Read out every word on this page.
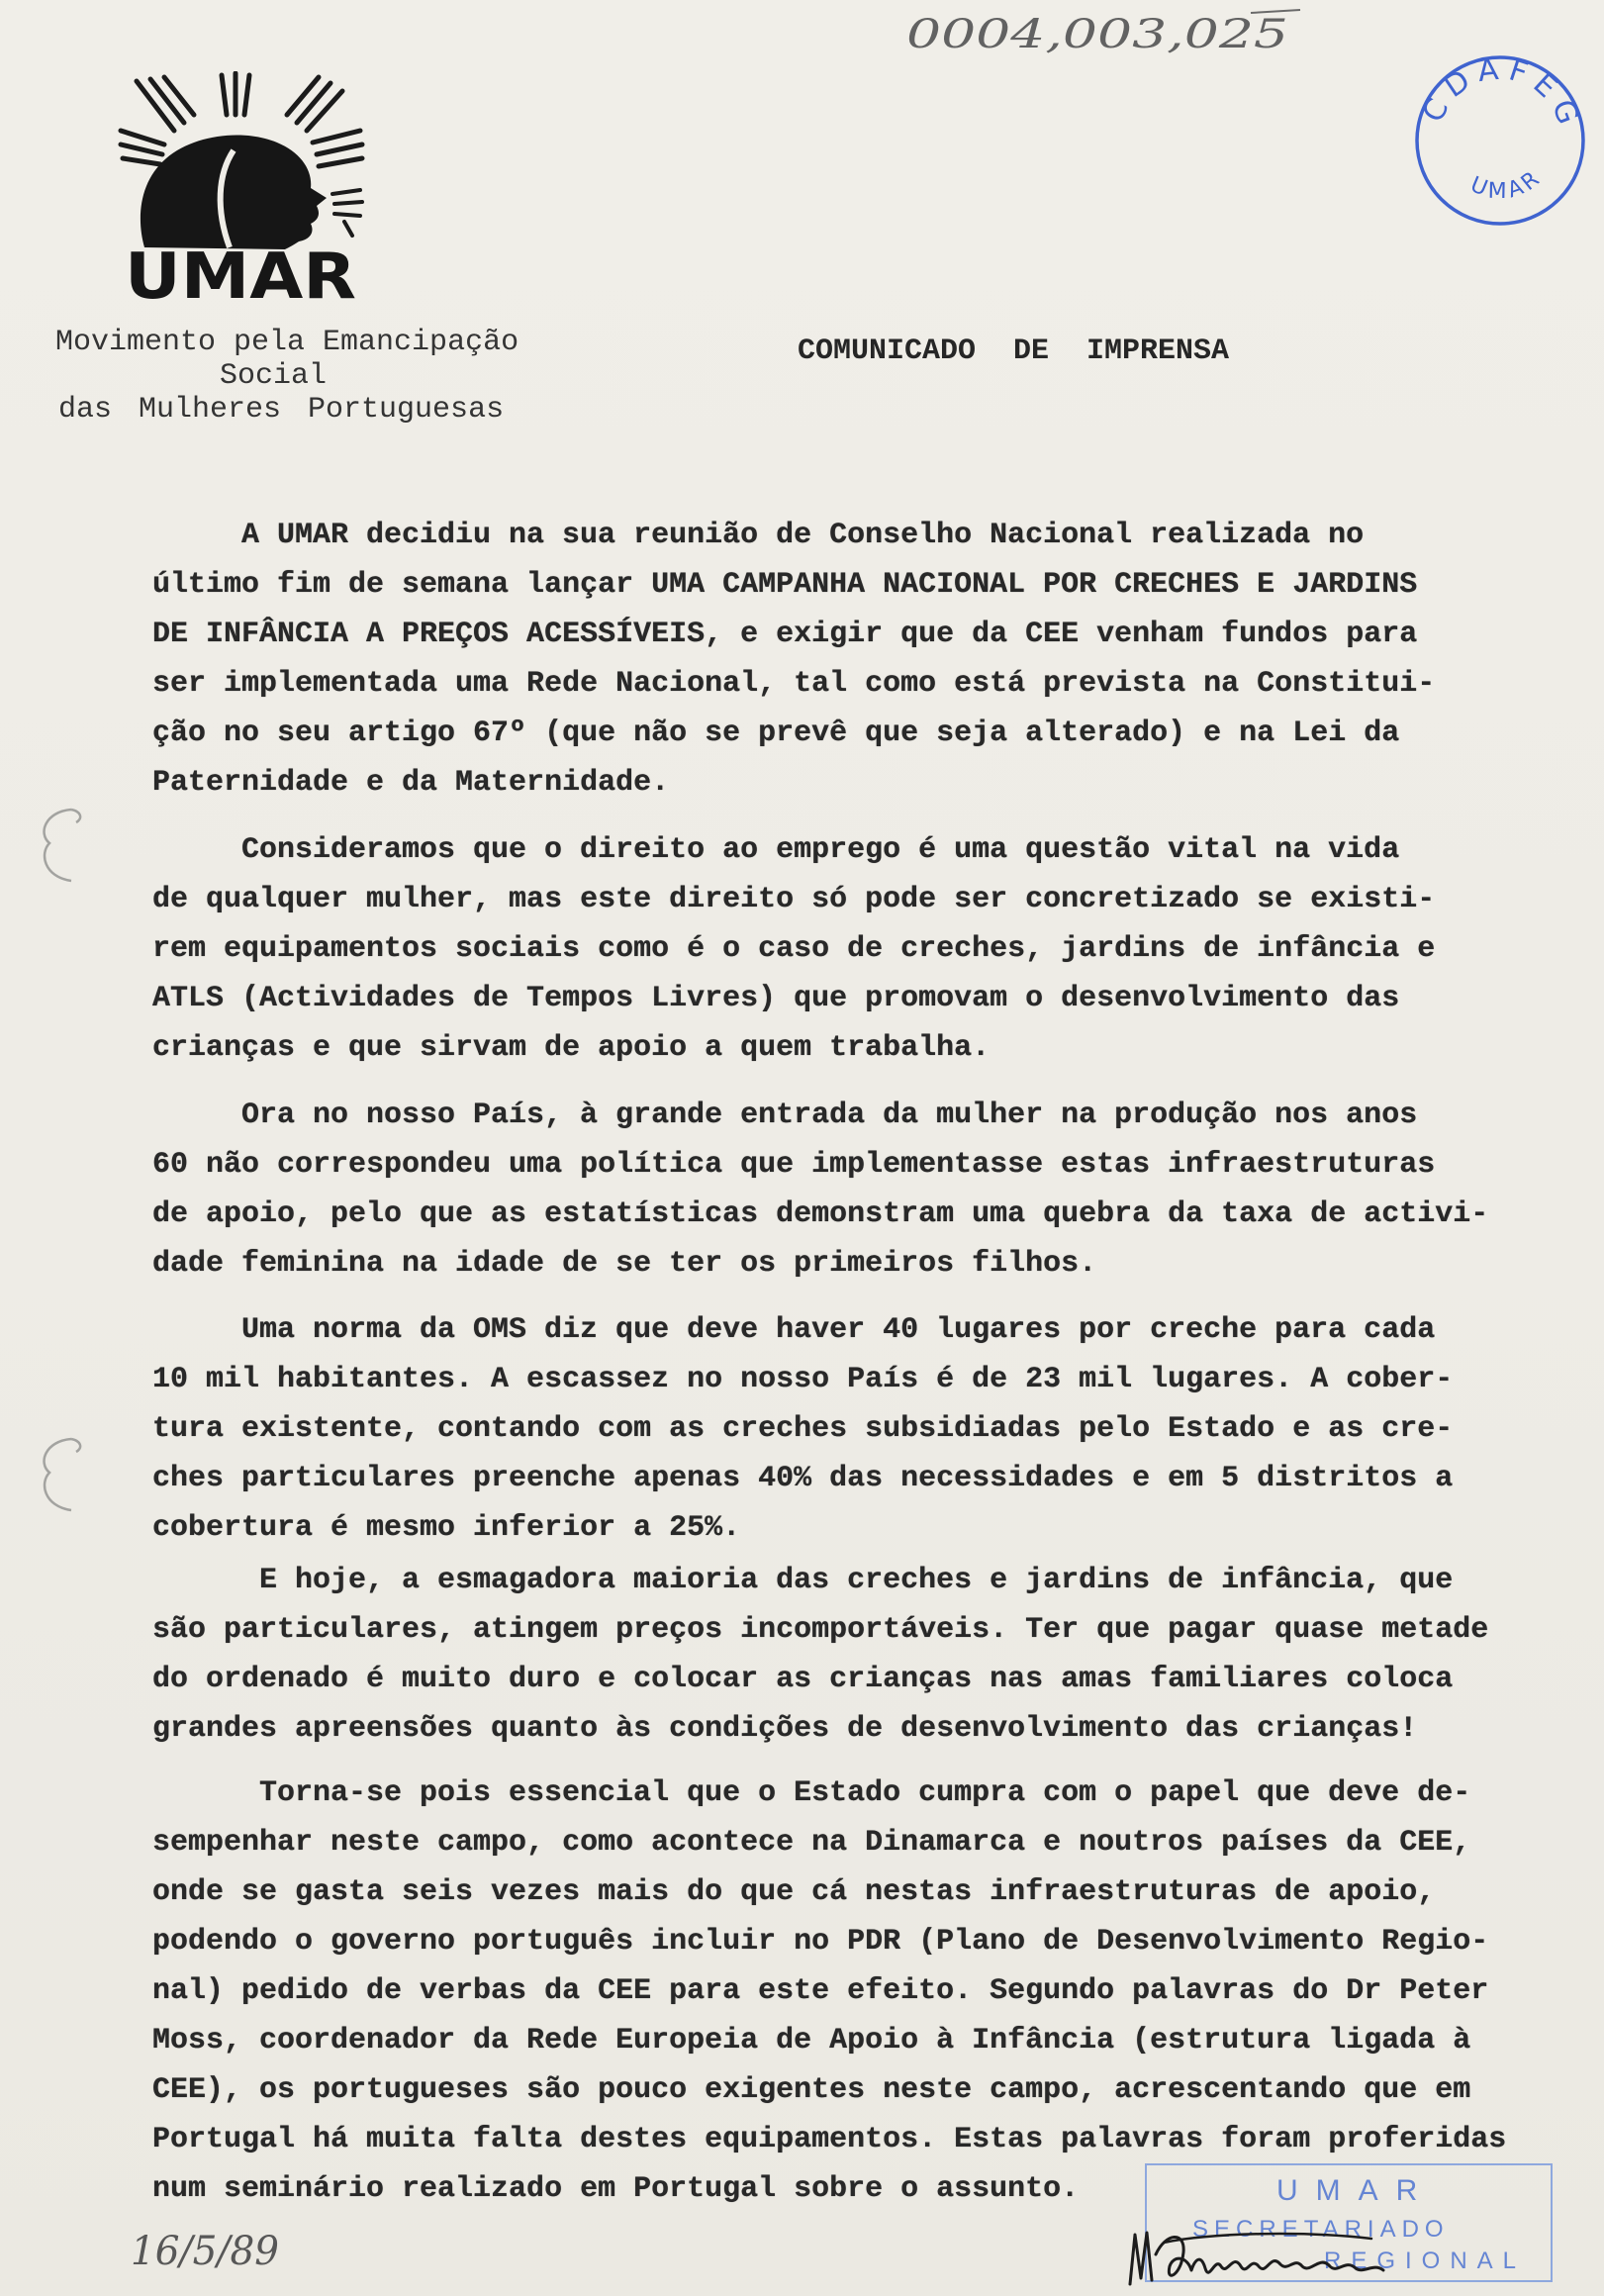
0004,003,025
CDAFEG
UMAR
UMAR
Movimento pela Emancipação
Social
das Mulheres Portuguesas
COMUNICADO DE IMPRENSA
A UMAR decidiu na sua reunião de Conselho Nacional realizada no
último fim de semana lançar UMA CAMPANHA NACIONAL POR CRECHES E JARDINS
DE INFÂNCIA A PREÇOS ACESSÍVEIS, e exigir que da CEE venham fundos para
ser implementada uma Rede Nacional, tal como está prevista na Constitui-
ção no seu artigo 67º (que não se prevê que seja alterado) e na Lei da
Paternidade e da Maternidade.
Consideramos que o direito ao emprego é uma questão vital na vida
de qualquer mulher, mas este direito só pode ser concretizado se existi-
rem equipamentos sociais como é o caso de creches, jardins de infância e
ATLS (Actividades de Tempos Livres) que promovam o desenvolvimento das
crianças e que sirvam de apoio a quem trabalha.
Ora no nosso País, à grande entrada da mulher na produção nos anos
60 não correspondeu uma política que implementasse estas infraestruturas
de apoio, pelo que as estatísticas demonstram uma quebra da taxa de activi-
dade feminina na idade de se ter os primeiros filhos.
Uma norma da OMS diz que deve haver 40 lugares por creche para cada
10 mil habitantes. A escassez no nosso País é de 23 mil lugares. A cober-
tura existente, contando com as creches subsidiadas pelo Estado e as cre-
ches particulares preenche apenas 40% das necessidades e em 5 distritos a
cobertura é mesmo inferior a 25%.
E hoje, a esmagadora maioria das creches e jardins de infância, que
são particulares, atingem preços incomportáveis. Ter que pagar quase metade
do ordenado é muito duro e colocar as crianças nas amas familiares coloca
grandes apreensões quanto às condições de desenvolvimento das crianças!
Torna-se pois essencial que o Estado cumpra com o papel que deve de-
sempenhar neste campo, como acontece na Dinamarca e noutros países da CEE,
onde se gasta seis vezes mais do que cá nestas infraestruturas de apoio,
podendo o governo português incluir no PDR (Plano de Desenvolvimento Regio-
nal) pedido de verbas da CEE para este efeito. Segundo palavras do Dr Peter
Moss, coordenador da Rede Europeia de Apoio à Infância (estrutura ligada à
CEE), os portugueses são pouco exigentes neste campo, acrescentando que em
Portugal há muita falta destes equipamentos. Estas palavras foram proferidas
num seminário realizado em Portugal sobre o assunto.
16/5/89
UMAR
SECRETARIADO
REGIONAL
